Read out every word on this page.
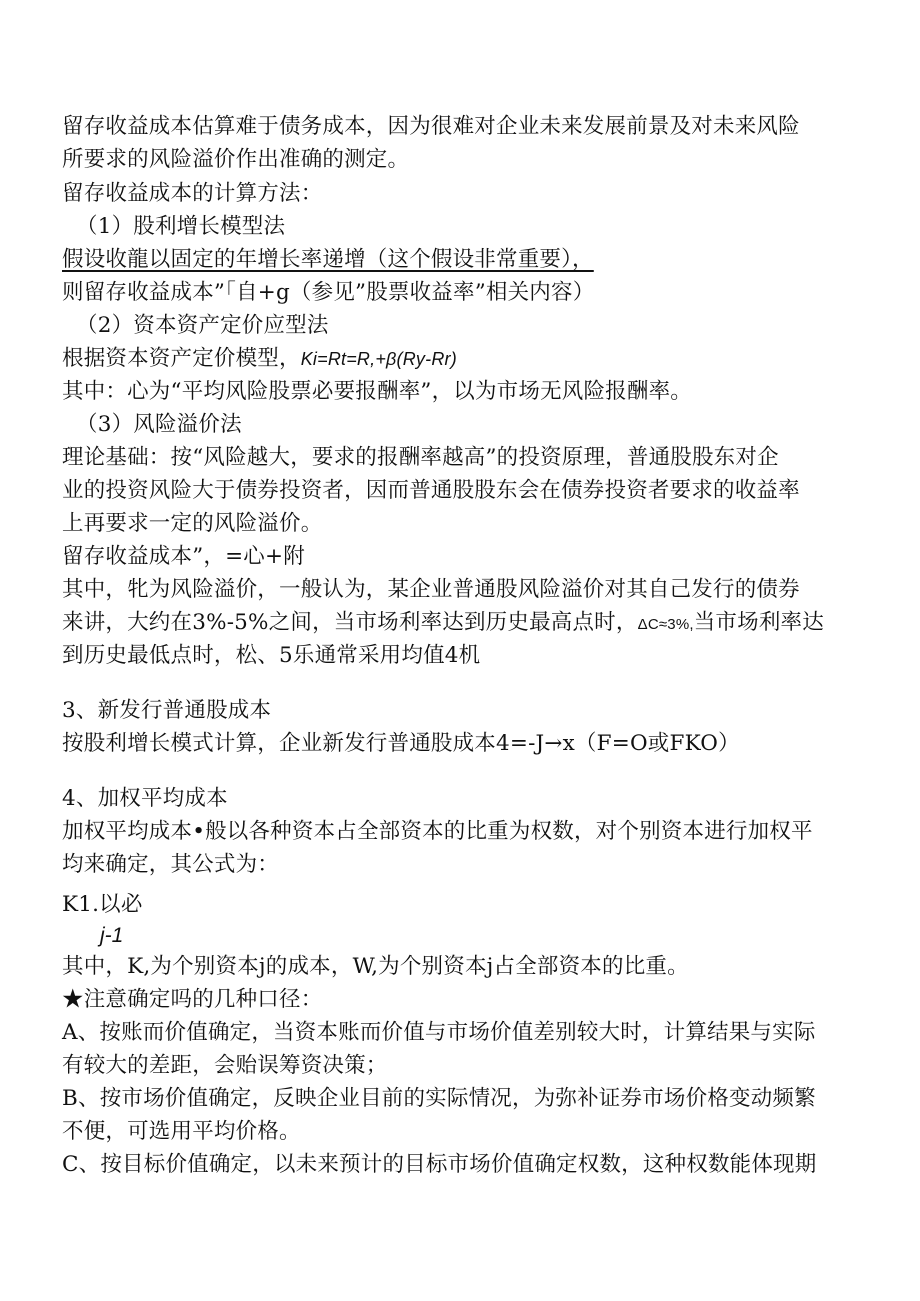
留存收益成本估算难于债务成本，因为很难对企业未来发展前景及对未来风险
所要求的风险溢价作出准确的测定。
留存收益成本的计算方法：
（1）股利增长模型法
假设收龍以固定的年增长率递增（这个假设非常重要），
则留存收益成本”「自+g（参见”股票收益率”相关内容）
（2）资本资产定价应型法
根据资本资产定价模型，Ki=Rt=R,+β(Ry-Rr)
其中：心为“平均风险股票必要报酬率”，以为市场无风险报酬率。
（3）风险溢价法
理论基础：按“风险越大，要求的报酬率越高”的投资原理，普通股股东对企
业的投资风险大于债券投资者，因而普通股股东会在债券投资者要求的收益率
上再要求一定的风险溢价。
留存收益成本”，=心+附
其中，牝为风险溢价，一般认为，某企业普通股风险溢价对其自己发行的债券
来讲，大约在3%-5%之间，当市场利率达到历史最高点时，ΔC≈3%,当市场利率达
到历史最低点时，松、5乐通常采用均值4机
3、新发行普通股成本
按股利增长模式计算，企业新发行普通股成本4=-J→x（F=O或FKO）
4、加权平均成本
加权平均成本•般以各种资本占全部资本的比重为权数，对个别资本进行加权平
均来确定，其公式为：
K1.以必
j-1
其中，K,为个别资本j的成本，W,为个别资本j占全部资本的比重。
★注意确定吗的几种口径：
A、按账而价值确定，当资本账而价值与市场价值差别较大时，计算结果与实际
有较大的差距，会贻误筹资决策；
B、按市场价值确定，反映企业目前的实际情况，为弥补证券市场价格变动频繁
不便，可选用平均价格。
C、按目标价值确定，以未来预计的目标市场价值确定权数，这种权数能体现期
